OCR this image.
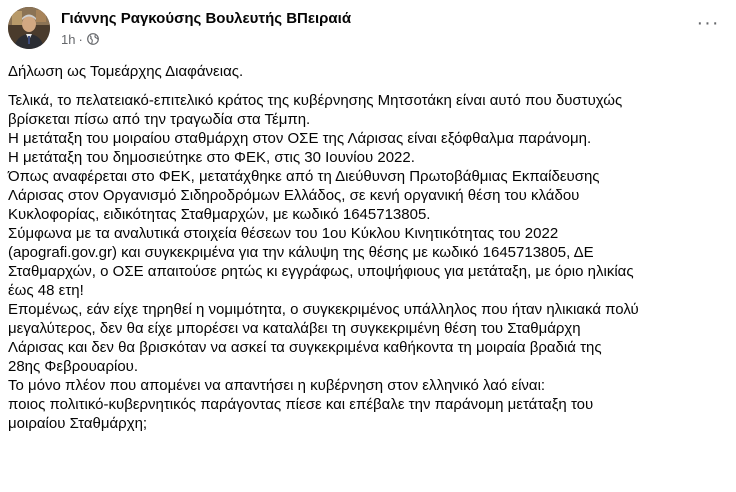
Γιάννης Ραγκούσης Βουλευτής ΒΠειραιά
1h ·
···

Δήλωση ως Τομεάρχης Διαφάνειας.

Τελικά, το πελατειακό-επιτελικό κράτος της κυβέρνησης Μητσοτάκη είναι αυτό που δυστυχώς
βρίσκεται πίσω από την τραγωδία στα Τέμπη.
Η μετάταξη του μοιραίου σταθμάρχη στον ΟΣΕ της Λάρισας είναι εξόφθαλμα παράνομη.
Η μετάταξη του δημοσιεύτηκε στο ΦΕΚ, στις 30 Ιουνίου 2022.
Όπως αναφέρεται στο ΦΕΚ, μετατάχθηκε από τη Διεύθυνση Πρωτοβάθμιας Εκπαίδευσης
Λάρισας στον Οργανισμό Σιδηροδρόμων Ελλάδος, σε κενή οργανική θέση του κλάδου
Κυκλοφορίας, ειδικότητας Σταθμαρχών, με κωδικό 1645713805.
Σύμφωνα με τα αναλυτικά στοιχεία θέσεων του 1ου Κύκλου Κινητικότητας του 2022
(apografi.gov.gr) και συγκεκριμένα για την κάλυψη της θέσης με κωδικό 1645713805, ΔΕ
Σταθμαρχών, ο ΟΣΕ απαιτούσε ρητώς κι εγγράφως, υποψήφιους για μετάταξη, με όριο ηλικίας
έως 48 ετη!
Επομένως, εάν είχε τηρηθεί η νομιμότητα, ο συγκεκριμένος υπάλληλος που ήταν ηλικιακά πολύ
μεγαλύτερος, δεν θα είχε μπορέσει να καταλάβει τη συγκεκριμένη θέση του Σταθμάρχη
Λάρισας και δεν θα βρισκόταν να ασκεί τα συγκεκριμένα καθήκοντα τη μοιραία βραδιά της
28ης Φεβρουαρίου.
Το μόνο πλέον που απομένει να απαντήσει η κυβέρνηση στον ελληνικό λαό είναι:
ποιος πολιτικό-κυβερνητικός παράγοντας πίεσε και επέβαλε την παράνομη μετάταξη του
μοιραίου Σταθμάρχη;
